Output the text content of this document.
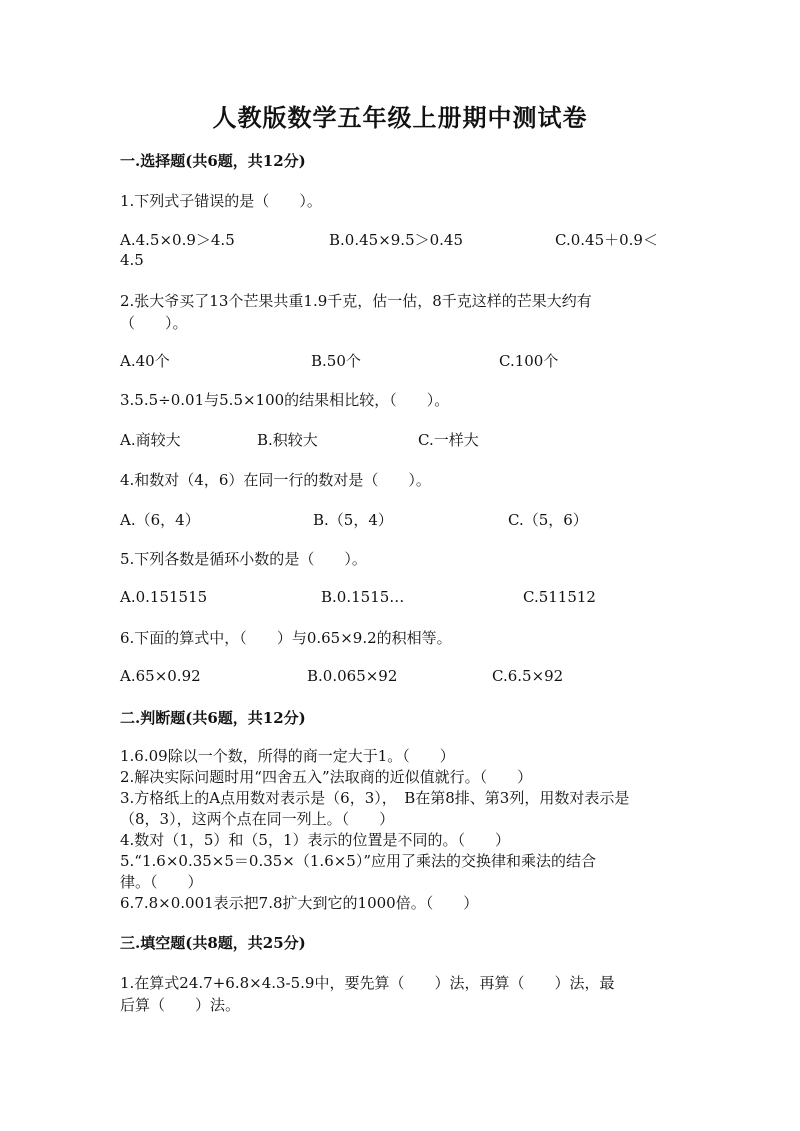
人教版数学五年级上册期中测试卷
一.选择题(共6题，共12分)
1.下列式子错误的是（　　）。
A.4.5×0.9＞4.5	B.0.45×9.5＞0.45	C.0.45＋0.9＜
4.5
2.张大爷买了13个芒果共重1.9千克，估一估，8千克这样的芒果大约有
（　　）。
A.40个	B.50个	C.100个
3.5.5÷0.01与5.5×100的结果相比较，（　　）。
A.商较大	B.积较大	C.一样大
4.和数对（4，6）在同一行的数对是（　　）。
A.（6，4）	B.（5，4）	C.（5，6）
5.下列各数是循环小数的是（　　）。
A.0.151515	B.0.1515…	C.511512
6.下面的算式中，（　　）与0.65×9.2的积相等。
A.65×0.92	B.0.065×92	C.6.5×92
二.判断题(共6题，共12分)
1.6.09除以一个数，所得的商一定大于1。（　　）
2.解决实际问题时用“四舍五入”法取商的近似值就行。（　　）
3.方格纸上的A点用数对表示是（6，3），　B在第8排、第3列，用数对表示是
（8，3），这两个点在同一列上。（　　）
4.数对（1，5）和（5，1）表示的位置是不同的。（　　）
5.“1.6×0.35×5＝0.35×（1.6×5）”应用了乘法的交换律和乘法的结合
律。（　　）
6.7.8×0.001表示把7.8扩大到它的1000倍。（　　）
三.填空题(共8题，共25分)
1.在算式24.7+6.8×4.3-5.9中，要先算（　　）法，再算（　　）法，最
后算（　　）法。
